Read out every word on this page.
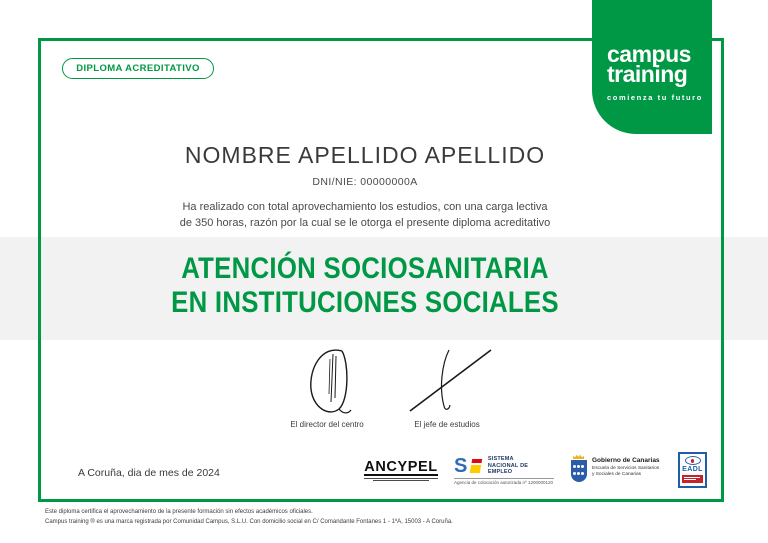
campus
training
comienza tu futuro
DIPLOMA ACREDITATIVO
NOMBRE APELLIDO APELLIDO
DNI/NIE: 00000000A
Ha realizado con total aprovechamiento los estudios, con una carga lectiva
de 350 horas, razón por la cual se le otorga el presente diploma acreditativo
ATENCIÓN SOCIOSANITARIA
EN INSTITUCIONES SOCIALES
El director del centro	El jefe de estudios
A Coruña, dia de mes de 2024	ANCYPEL S	SISTEMA
NACIONAL DE EMPLEO
Agencia de colocación autorizada nº 1200000120
Gobierno de Canarias
Escuela de Servicios Sanitarios
y Sociales de Canarias
EADL
Este diploma certifica el aprovechamiento de la presente formación sin efectos académicos oficiales.
Campus training ® es una marca registrada por Comunidad Campus, S.L.U. Con domicilio social en C/ Comandante Fontanes 1 - 1ºA, 15003 - A Coruña.
